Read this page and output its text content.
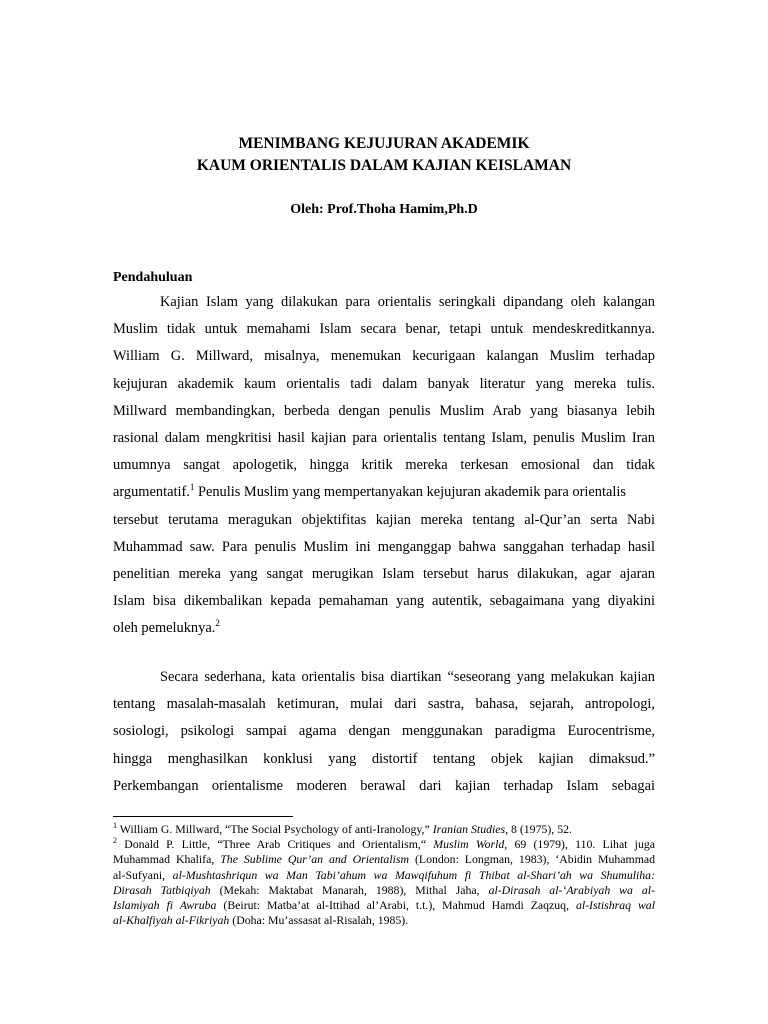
MENIMBANG KEJUJURAN AKADEMIK
KAUM ORIENTALIS DALAM KAJIAN KEISLAMAN
Oleh: Prof.Thoha Hamim,Ph.D
Pendahuluan
Kajian Islam yang dilakukan para orientalis seringkali dipandang oleh kalangan
Muslim tidak untuk memahami Islam secara benar, tetapi untuk mendeskreditkannya.
William G. Millward, misalnya, menemukan kecurigaan kalangan Muslim terhadap
kejujuran akademik kaum orientalis tadi dalam banyak literatur yang mereka tulis.
Millward membandingkan, berbeda dengan penulis Muslim Arab yang biasanya lebih
rasional dalam mengkritisi hasil kajian para orientalis tentang Islam, penulis Muslim Iran
umumnya sangat apologetik, hingga kritik mereka terkesan emosional dan tidak
argumentatif.$^1$ Penulis Muslim yang mempertanyakan kejujuran akademik para orientalis
tersebut terutama meragukan objektifitas kajian mereka tentang al-Qur’an serta Nabi
Muhammad saw. Para penulis Muslim ini menganggap bahwa sanggahan terhadap hasil
penelitian mereka yang sangat merugikan Islam tersebut harus dilakukan, agar ajaran
Islam bisa dikembalikan kepada pemahaman yang autentik, sebagaimana yang diyakini
oleh pemeluknya.$^2$
Secara sederhana, kata orientalis bisa diartikan “seseorang yang melakukan kajian
tentang masalah-masalah ketimuran, mulai dari sastra, bahasa, sejarah, antropologi,
sosiologi, psikologi sampai agama dengan menggunakan paradigma Eurocentrisme,
hingga menghasilkan konklusi yang distortif tentang objek kajian dimaksud.”
Perkembangan orientalisme moderen berawal dari kajian terhadap Islam sebagai
$^1$ William G. Millward, “The Social Psychology of anti-Iranology,” Iranian Studies, 8 (1975), 52.
$^2$ Donald P. Little, “Three Arab Critiques and Orientalism,“ Muslim World, 69 (1979), 110. Lihat juga
Muhammad Khalifa, The Sublime Qur’an and Orientalism (London: Longman, 1983), ‘Abidin Muhammad
al-Sufyani, al-Mushtashriqun wa Man Tabi’ahum wa Mawqifuhum fi Thibat al-Shari’ah wa Shumuliha:
Dirasah Tatbiqiyah (Mekah: Maktabat Manarah, 1988), Mithal Jaha, al-Dirasah al-‘Arabiyah wa al-
Islamiyah fi Awruba (Beirut: Matba’at al-Ittihad al’Arabi, t.t.), Mahmud Hamdi Zaqzuq, al-Istishraq wal
al-Khalfiyah al-Fikriyah (Doha: Mu’assasat al-Risalah, 1985).
